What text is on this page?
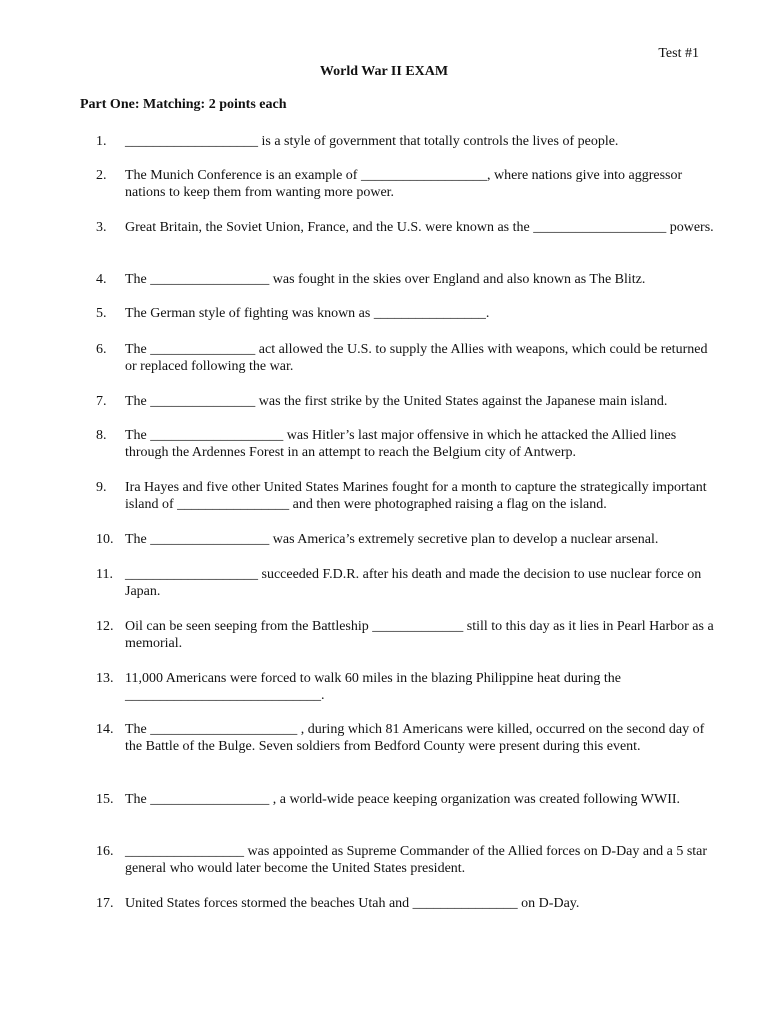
Test #1
World War II EXAM
Part One: Matching: 2 points each
1. ___________________ is a style of government that totally controls the lives of people.
2. The Munich Conference is an example of __________________, where nations give into aggressor nations to keep them from wanting more power.
3. Great Britain, the Soviet Union, France, and the U.S. were known as the ___________________ powers.
4. The _________________ was fought in the skies over England and also known as The Blitz.
5. The German style of fighting was known as ________________.
6. The _______________ act allowed the U.S. to supply the Allies with weapons, which could be returned or replaced following the war.
7. The _______________ was the first strike by the United States against the Japanese main island.
8. The ___________________ was Hitler’s last major offensive in which he attacked the Allied lines through the Ardennes Forest in an attempt to reach the Belgium city of Antwerp.
9. Ira Hayes and five other United States Marines fought for a month to capture the strategically important island of ________________ and then were photographed raising a flag on the island.
10. The _________________ was America’s extremely secretive plan to develop a nuclear arsenal.
11. ___________________ succeeded F.D.R. after his death and made the decision to use nuclear force on Japan.
12. Oil can be seen seeping from the Battleship _____________ still to this day as it lies in Pearl Harbor as a memorial.
13. 11,000 Americans were forced to walk 60 miles in the blazing Philippine heat during the ____________________________.
14. The _____________________ , during which 81 Americans were killed, occurred on the second day of the Battle of the Bulge. Seven soldiers from Bedford County were present during this event.
15. The _________________ , a world-wide peace keeping organization was created following WWII.
16. _________________ was appointed as Supreme Commander of the Allied forces on D-Day and a 5 star general who would later become the United States president.
17. United States forces stormed the beaches Utah and _______________ on D-Day.
